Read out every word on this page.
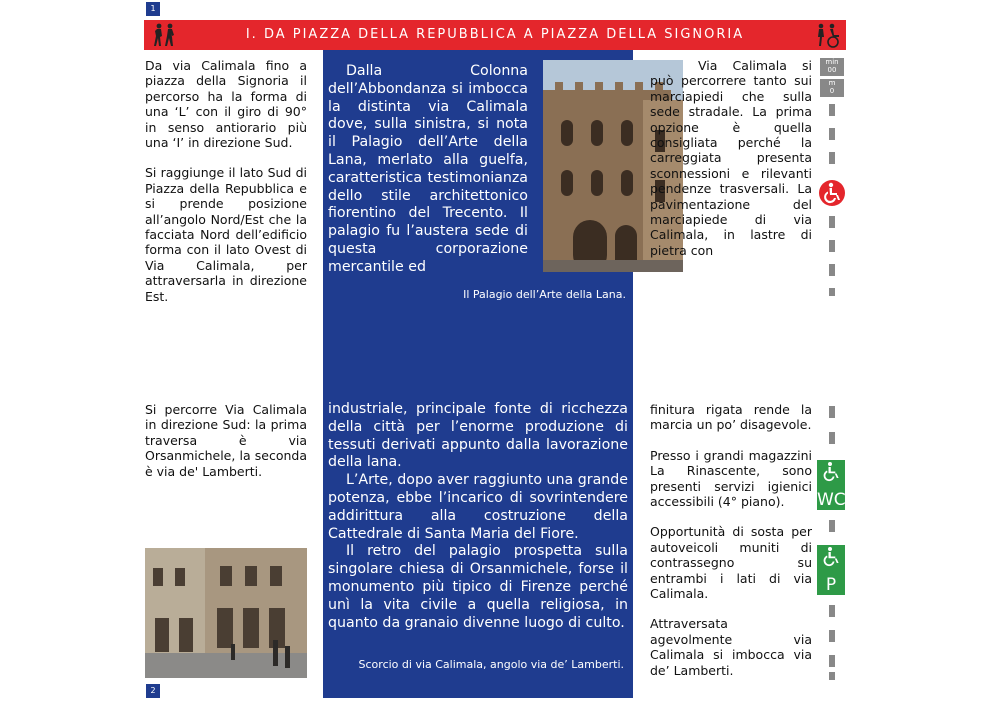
1
2
I. DA PIAZZA DELLA REPUBBLICA A PIAZZA DELLA SIGNORIA

Da via Calimala fino a piazza della Signoria il percorso ha la forma di una ‘L’ con il giro di 90° in senso antiorario più una ‘I’ in direzione Sud.

Si raggiunge il lato Sud di Piazza della Repubblica e si prende posizione all’angolo Nord/Est che la facciata Nord dell’edificio forma con il lato Ovest di Via Calimala, per attraversarla in direzione Est.

Si percorre Via Calimala in direzione Sud: la prima traversa è via Orsanmichele, la seconda è via de' Lamberti.

Dalla Colonna dell’Abbondanza si imbocca la distinta via Calimala dove, sulla sinistra, si nota il Palagio dell’Arte della Lana, merlato alla guelfa, caratteristica testimonianza dello stile architettonico fiorentino del Trecento. Il palagio fu l’austera sede di questa corporazione mercantile ed

Il Palagio dell’Arte della Lana.

industriale, principale fonte di ricchezza della città per l’enorme produzione di tessuti derivati appunto dalla lavorazione della lana.

L’Arte, dopo aver raggiunto una grande potenza, ebbe l’incarico di sovrintendere addirittura alla costruzione della Cattedrale di Santa Maria del Fiore.

Il retro del palagio prospetta sulla singolare chiesa di Orsanmichele, forse il monumento più tipico di Firenze perché unì la vita civile a quella religiosa, in quanto da granaio divenne luogo di culto.

Scorcio di via Calimala, angolo via de’ Lamberti.

Via Calimala si può percorrere tanto sui marciapiedi che sulla sede stradale. La prima opzione è quella consigliata perché la carreggiata presenta sconnessioni e rilevanti pendenze trasversali. La pavimentazione del marciapiede di via Calimala, in lastre di pietra con

finitura rigata rende la marcia un po’ disagevole.

Presso i grandi magazzini La Rinascente, sono presenti servizi igienici accessibili (4° piano).

Opportunità di sosta per autoveicoli muniti di contrassegno su entrambi i lati di via Calimala.

Attraversata agevolmente via Calimala si imbocca via de’ Lamberti.

min
00
m
0
WC
P
